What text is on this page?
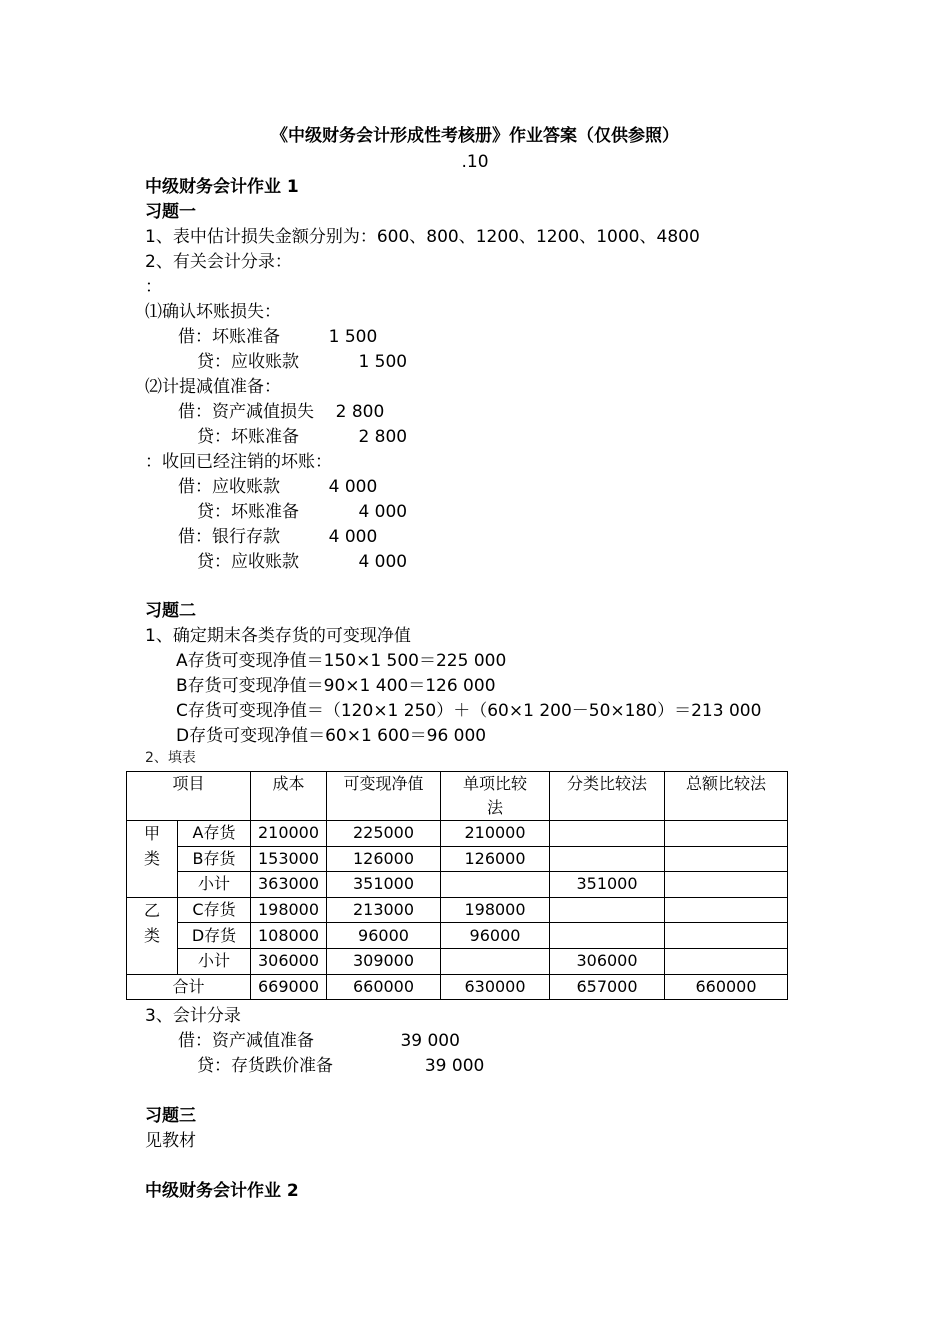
《中级财务会计形成性考核册》作业答案（仅供参照）
.10
中级财务会计作业 1
习题一
1、表中估计损失金额分别为：600、800、1200、1200、1000、4800
2、有关会计分录：
：
⑴确认坏账损失：
借：坏账准备         1 500
贷：应收账款           1 500
⑵计提减值准备：
借：资产减值损失    2 800
贷：坏账准备           2 800
：收回已经注销的坏账：
借：应收账款         4 000
贷：坏账准备           4 000
借：银行存款         4 000
贷：应收账款           4 000
习题二
1、确定期末各类存货的可变现净值
A存货可变现净值＝150×1 500＝225 000
B存货可变现净值＝90×1 400＝126 000
C存货可变现净值＝（120×1 250）＋（60×1 200－50×180）＝213 000
D存货可变现净值＝60×1 600＝96 000
2、填表
项目		成本	可变现净值	单项比较法	分类比较法	总额比较法
甲类	A存货	210000	225000	210000		
	B存货	153000	126000	126000		
	小计	363000	351000		351000	
乙类	C存货	198000	213000	198000		
	D存货	108000	96000	96000		
	小计	306000	309000		306000	
合计		669000	660000	630000	657000	660000
3、会计分录
借：资产减值准备                39 000
贷：存货跌价准备                 39 000
习题三
见教材
中级财务会计作业 2
